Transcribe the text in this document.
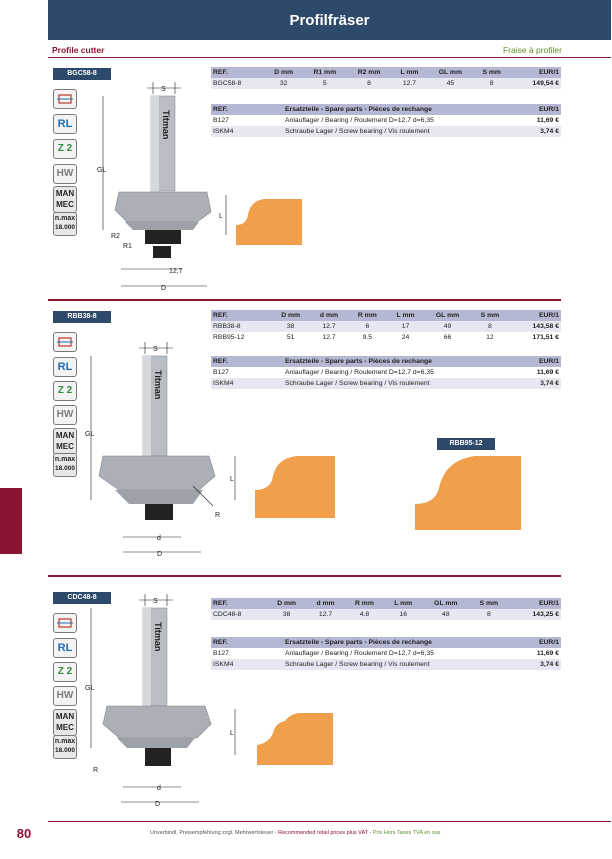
Profilfräser
Profile cutter	Fraise à profiler
BGC58-8
RL
Z 2
HW
MAN
MEC
n.max
18.000
S
Titman
GL
R2
R1
12,7
D
L
REF.	D mm	R1 mm	R2 mm	L mm	GL mm	S mm	EUR/1
BGC58-8	32	5	8	12.7	45	8	149,54 €
REF.	Ersatzteile - Spare parts - Pièces de rechange	EUR/1
B127	Anlauflager / Bearing / Roulement D=12,7 d=6,35	11,69 €
ISKM4	Schraube Lager / Screw bearing / Vis roulement	3,74 €
RBB38-8
RL
Z 2
HW
MAN
MEC
n.max
18.000
S
Titman
GL
R
d
D
L
RBB95-12
REF.	D mm	d mm	R mm	L mm	GL mm	S mm	EUR/1
RBB38-8	38	12.7	6	17	49	8	143,58 €
RBB95-12	51	12.7	9.5	24	66	12	171,51 €
REF.	Ersatzteile - Spare parts - Pièces de rechange	EUR/1
B127	Anlauflager / Bearing / Roulement D=12,7 d=6,35	11,69 €
ISKM4	Schraube Lager / Screw bearing / Vis roulement	3,74 €
CDC48-8
RL
Z 2
HW
MAN
MEC
n.max
18.000
S
Titman
GL
R
d
D
L
REF.	D mm	d mm	R mm	L mm	GL mm	S mm	EUR/1
CDC48-8	38	12.7	4.8	16	48	8	143,25 €
REF.	Ersatzteile - Spare parts - Pièces de rechange	EUR/1
B127	Anlauflager / Bearing / Roulement D=12,7 d=6,35	11,69 €
ISKM4	Schraube Lager / Screw bearing / Vis roulement	3,74 €
80	Unverbindl. Preisempfehlung zzgl. Mehrwertsteuer - Recommended retail prices plus VAT - Prix Hors Taxes TVA en sus
